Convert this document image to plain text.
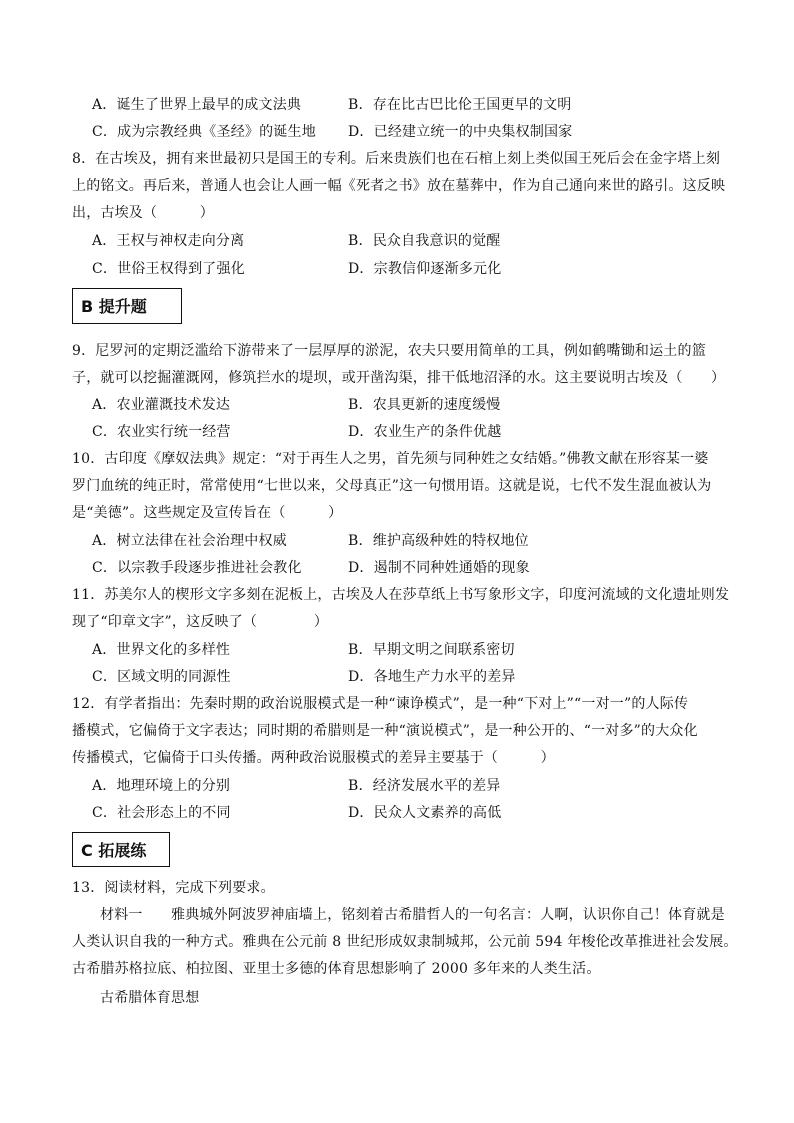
A．诞生了世界上最早的成文法典	B．存在比古巴比伦王国更早的文明
C．成为宗教经典《圣经》的诞生地 D．已经建立统一的中央集权制国家
8．在古埃及，拥有来世最初只是国王的专利。后来贵族们也在石棺上刻上类似国王死后会在金字塔上刻
上的铭文。再后来，普通人也会让人画一幅《死者之书》放在墓葬中，作为自己通向来世的路引。这反映
出，古埃及（　　　）
A．王权与神权走向分离	B．民众自我意识的觉醒
C．世俗王权得到了强化	D．宗教信仰逐渐多元化
B 提升题
9．尼罗河的定期泛滥给下游带来了一层厚厚的淤泥，农夫只要用简单的工具，例如鹤嘴锄和运土的篮
子，就可以挖掘灌溉网，修筑拦水的堤坝，或开凿沟渠，排干低地沼泽的水。这主要说明古埃及（　　）
A．农业灌溉技术发达	B．农具更新的速度缓慢
C．农业实行统一经营	D．农业生产的条件优越
10．古印度《摩奴法典》规定：“对于再生人之男，首先须与同种姓之女结婚。”佛教文献在形容某一婆
罗门血统的纯正时，常常使用“七世以来，父母真正”这一句惯用语。这就是说，七代不发生混血被认为
是“美德”。这些规定及宣传旨在（　　　）
A．树立法律在社会治理中权威	B．维护高级种姓的特权地位
C．以宗教手段逐步推进社会教化	D．遏制不同种姓通婚的现象
11．苏美尔人的楔形文字多刻在泥板上，古埃及人在莎草纸上书写象形文字，印度河流域的文化遗址则发
现了“印章文字”，这反映了（　　　　）
A．世界文化的多样性	B．早期文明之间联系密切
C．区域文明的同源性	D．各地生产力水平的差异
12．有学者指出：先秦时期的政治说服模式是一种“谏诤模式”，是一种“下对上”“一对一”的人际传
播模式，它偏倚于文字表达；同时期的希腊则是一种“演说模式”，是一种公开的、“一对多”的大众化
传播模式，它偏倚于口头传播。两种政治说服模式的差异主要基于（　　　）
A．地理环境上的分别	B．经济发展水平的差异
C．社会形态上的不同	D．民众人文素养的高低
C 拓展练
13．阅读材料，完成下列要求。
材料一　　雅典城外阿波罗神庙墙上，铭刻着古希腊哲人的一句名言：人啊，认识你自己！体育就是
人类认识自我的一种方式。雅典在公元前 8 世纪形成奴隶制城邦，公元前 594 年梭伦改革推进社会发展。
古希腊苏格拉底、柏拉图、亚里士多德的体育思想影响了 2000 多年来的人类生活。
古希腊体育思想
